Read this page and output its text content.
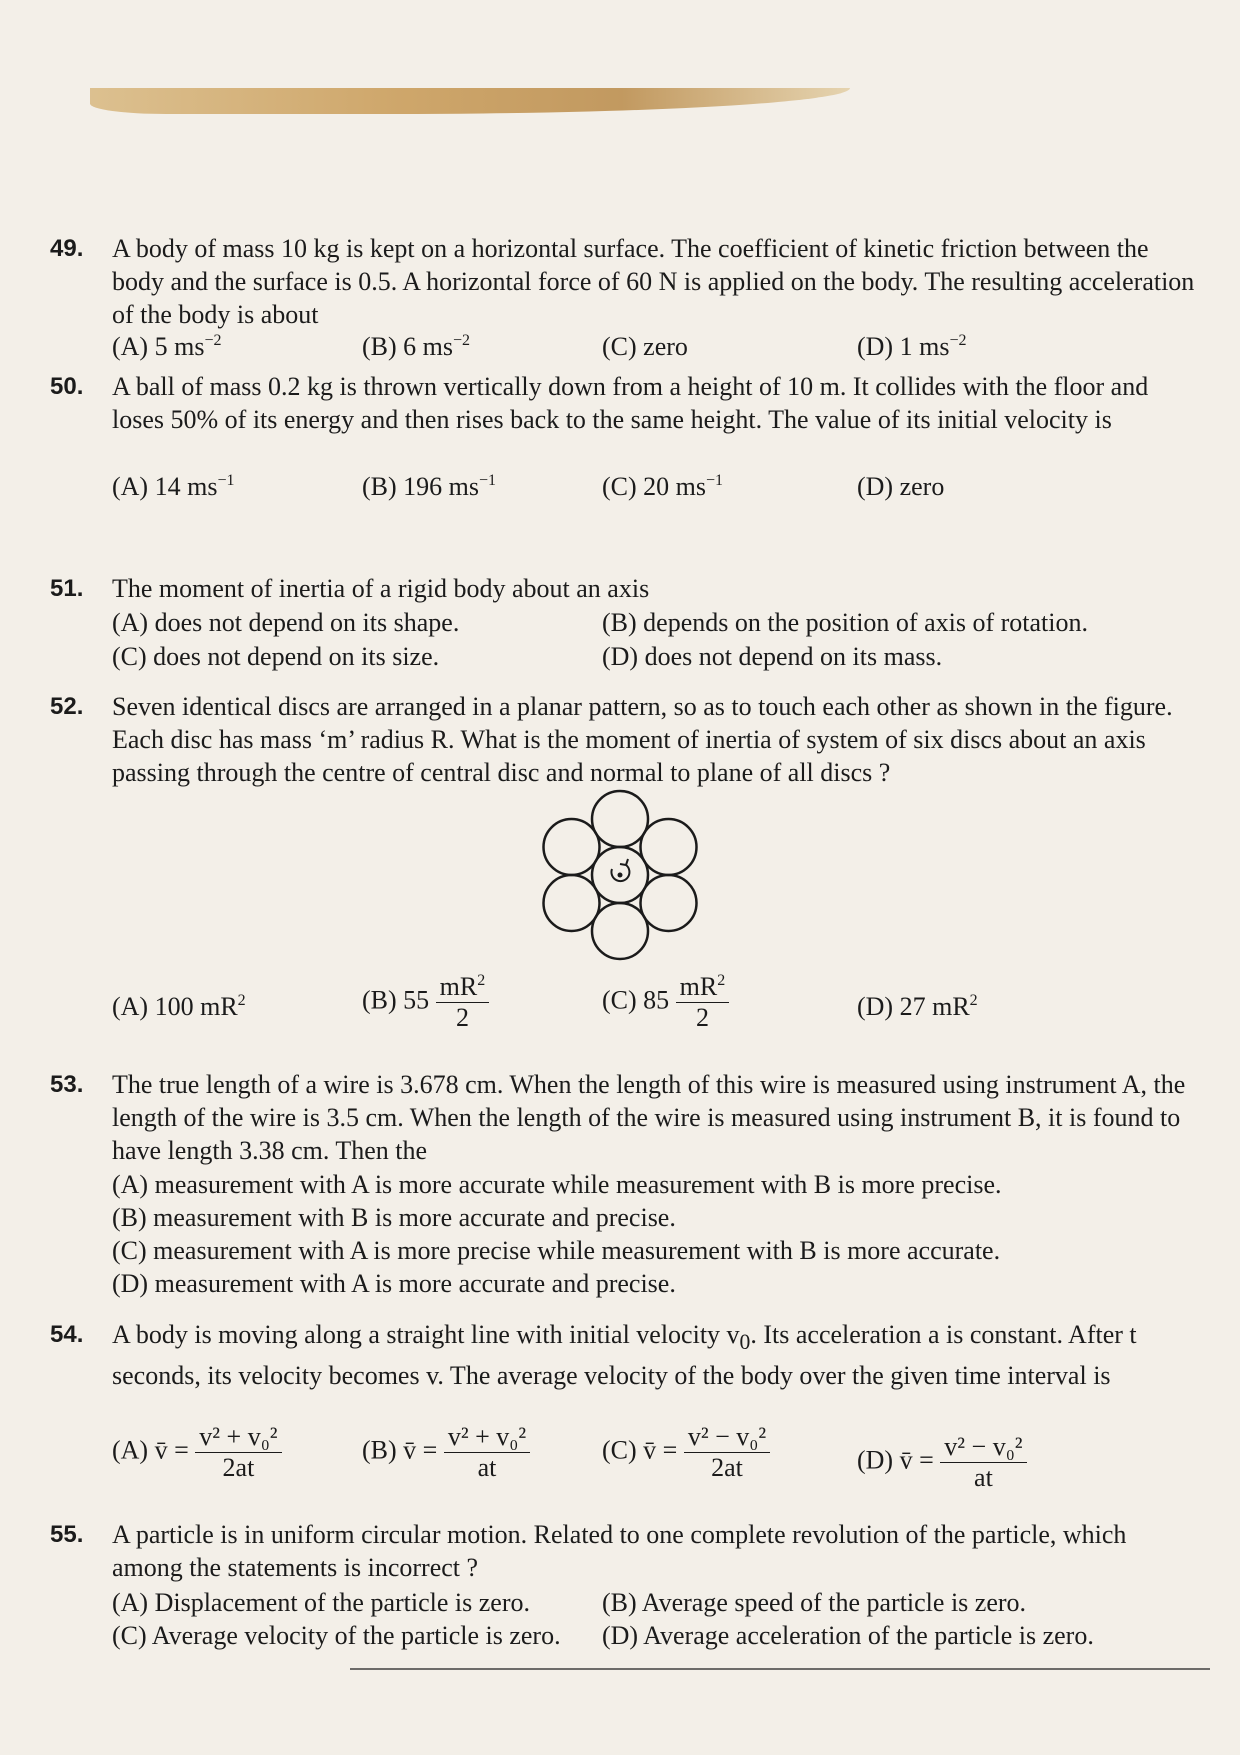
49. A body of mass 10 kg is kept on a horizontal surface. The coefficient of kinetic friction between the body and the surface is 0.5. A horizontal force of 60 N is applied on the body. The resulting acceleration of the body is about
(A) 5 $ms^{-2}$	(B) 6 $ms^{-2}$	(C) zero	(D) 1 $ms^{-2}$
50. A ball of mass 0.2 kg is thrown vertically down from a height of 10 m. It collides with the floor and loses 50% of its energy and then rises back to the same height. The value of its initial velocity is
(A) 14 $ms^{-1}$	(B) 196 $ms^{-1}$	(C) 20 $ms^{-1}$	(D) zero
51. The moment of inertia of a rigid body about an axis
(A) does not depend on its shape.	(B) depends on the position of axis of rotation.
(C) does not depend on its size.	(D) does not depend on its mass.
52. Seven identical discs are arranged in a planar pattern, so as to touch each other as shown in the figure. Each disc has mass ‘m’ radius R. What is the moment of inertia of system of six discs about an axis passing through the centre of central disc and normal to plane of all discs ?
(A) 100 $mR^2$	(B) $55 \frac{mR^2}{2}$	(C) $85 \frac{mR^2}{2}$	(D) 27 $mR^2$
53. The true length of a wire is 3.678 cm. When the length of this wire is measured using instrument A, the length of the wire is 3.5 cm. When the length of the wire is measured using instrument B, it is found to have length 3.38 cm. Then the
(A) measurement with A is more accurate while measurement with B is more precise.
(B) measurement with B is more accurate and precise.
(C) measurement with A is more precise while measurement with B is more accurate.
(D) measurement with A is more accurate and precise.
54. A body is moving along a straight line with initial velocity $v_0$. Its acceleration a is constant. After t seconds, its velocity becomes v. The average velocity of the body over the given time interval is
(A) v̄ = $\frac{\text{v² + v₀²}}{2at}$	(B) v̄ = $\frac{\text{v² + v₀²}}{at}$	(C) v̄ = $\frac{\text{v² − v₀²}}{2at}$	(D) v̄ = $\frac{\text{v² − v₀²}}{at}$
55. A particle is in uniform circular motion. Related to one complete revolution of the particle, which among the statements is incorrect ?
(A) Displacement of the particle is zero.	(B) Average speed of the particle is zero.
(C) Average velocity of the particle is zero. (D) Average acceleration of the particle is zero.
